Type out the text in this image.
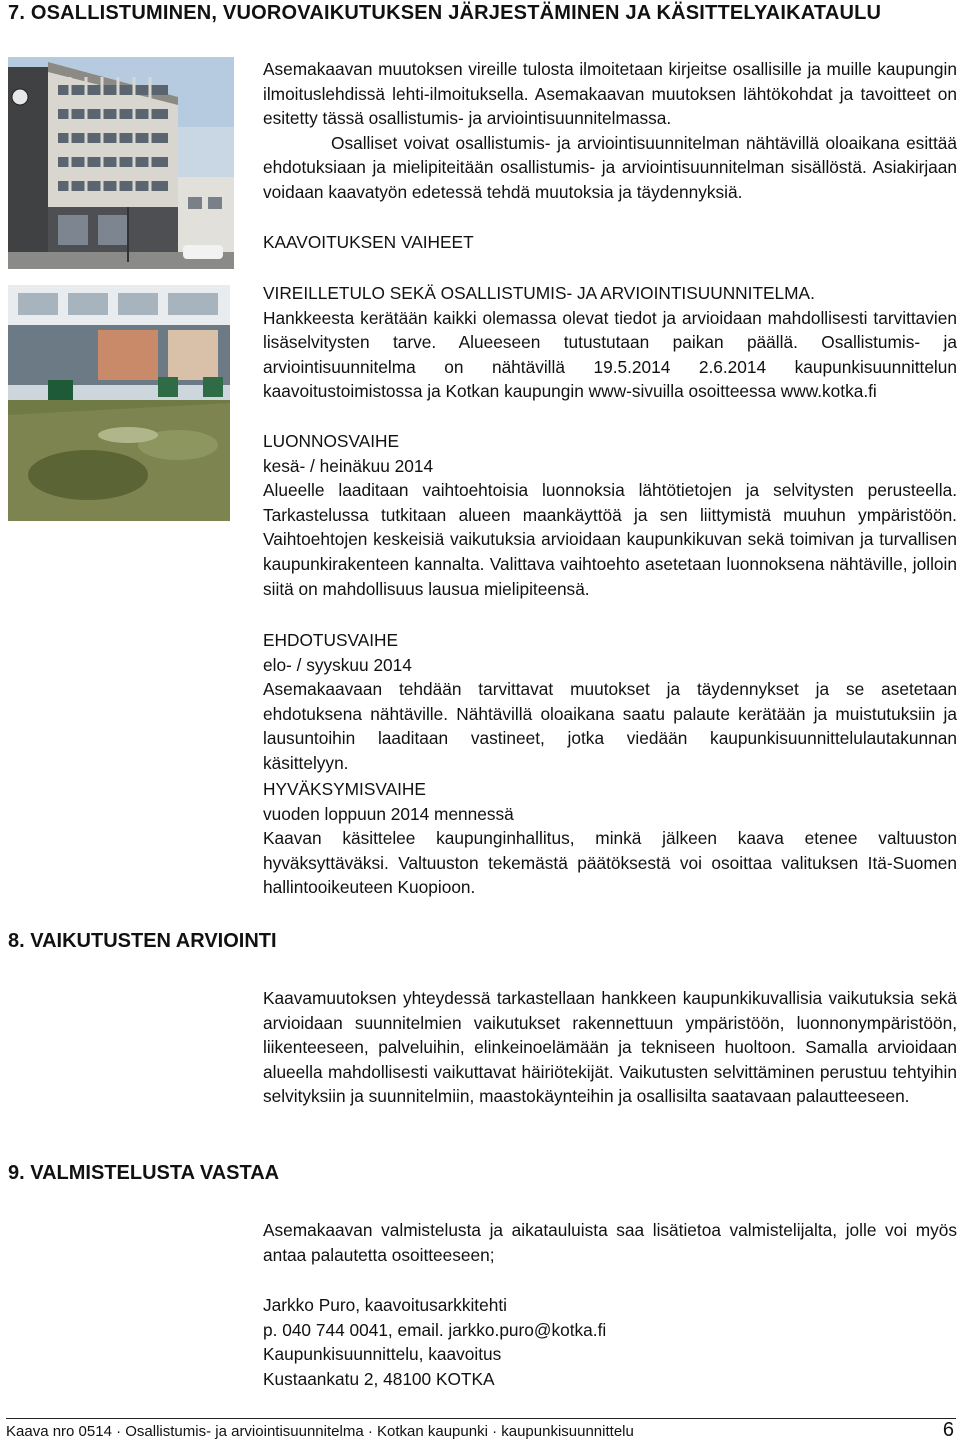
7. OSALLISTUMINEN, VUOROVAIKUTUKSEN JÄRJESTÄMINEN JA KÄSITTELYAIKATAULU

Asemakaavan muutoksen vireille tulosta ilmoitetaan kirjeitse osallisille ja muille kaupungin ilmoituslehdissä lehti-ilmoituksella. Asemakaavan muutoksen lähtökohdat ja tavoitteet on esitetty tässä osallistumis- ja arviointisuunnitelmassa.

Osalliset voivat osallistumis- ja arviointisuunnitelman nähtävillä oloaikana esittää ehdotuksiaan ja mielipiteitään osallistumis- ja arviointisuunnitelman sisällöstä. Asiakirjaan voidaan kaavatyön edetessä tehdä muutoksia ja täydennyksiä.

KAAVOITUKSEN VAIHEET

VIREILLETULO SEKÄ OSALLISTUMIS- JA ARVIOINTISUUNNITELMA.

Hankkeesta kerätään kaikki olemassa olevat tiedot ja arvioidaan mahdollisesti tarvittavien lisäselvitysten tarve. Alueeseen tutustutaan paikan päällä. Osallistumis- ja arviointisuunnitelma on nähtävillä 19.5.2014 2.6.2014 kaupunkisuunnittelun kaavoitustoimistossa ja Kotkan kaupungin www-sivuilla osoitteessa www.kotka.fi

LUONNOSVAIHE

kesä- / heinäkuu 2014

Alueelle laaditaan vaihtoehtoisia luonnoksia lähtötietojen ja selvitysten perusteella. Tarkastelussa tutkitaan alueen maankäyttöä ja sen liittymistä muuhun ympäristöön. Vaihtoehtojen keskeisiä vaikutuksia arvioidaan kaupunkikuvan sekä toimivan ja turvallisen kaupunkirakenteen kannalta. Valittava vaihtoehto asetetaan luonnoksena nähtäville, jolloin siitä on mahdollisuus lausua mielipiteensä.

EHDOTUSVAIHE

elo- / syyskuu 2014

Asemakaavaan tehdään tarvittavat muutokset ja täydennykset ja se asetetaan ehdotuksena nähtäville. Nähtävillä oloaikana saatu palaute kerätään ja muistutuksiin ja lausuntoihin laaditaan vastineet, jotka viedään kaupunkisuunnittelulautakunnan käsittelyyn.

HYVÄKSYMISVAIHE

vuoden loppuun 2014 mennessä

Kaavan käsittelee kaupunginhallitus, minkä jälkeen kaava etenee valtuuston hyväksyttäväksi. Valtuuston tekemästä päätöksestä voi osoittaa valituksen Itä-Suomen hallintooikeuteen Kuopioon.

8. VAIKUTUSTEN ARVIOINTI
Kaavamuutoksen yhteydessä tarkastellaan hankkeen kaupunkikuvallisia vaikutuksia sekä arvioidaan suunnitelmien vaikutukset rakennettuun ympäristöön, luonnonympäristöön, liikenteeseen, palveluihin, elinkeinoelämään ja tekniseen huoltoon. Samalla arvioidaan alueella mahdollisesti vaikuttavat häiriötekijät. Vaikutusten selvittäminen perustuu tehtyihin selvityksiin ja suunnitelmiin, maastokäynteihin ja osallisilta saatavaan palautteeseen.
9. VALMISTELUSTA VASTAA
Asemakaavan valmistelusta ja aikatauluista saa lisätietoa valmistelijalta, jolle voi myös antaa palautetta osoitteeseen;

Jarkko Puro, kaavoitusarkkitehti

p. 040 744 0041, email. jarkko.puro@kotka.fi

Kaupunkisuunnittelu, kaavoitus

Kustaankatu 2, 48100 KOTKA

Kaava nro 0514 · Osallistumis- ja arviointisuunnitelma · Kotkan kaupunki · kaupunkisuunnittelu	6
